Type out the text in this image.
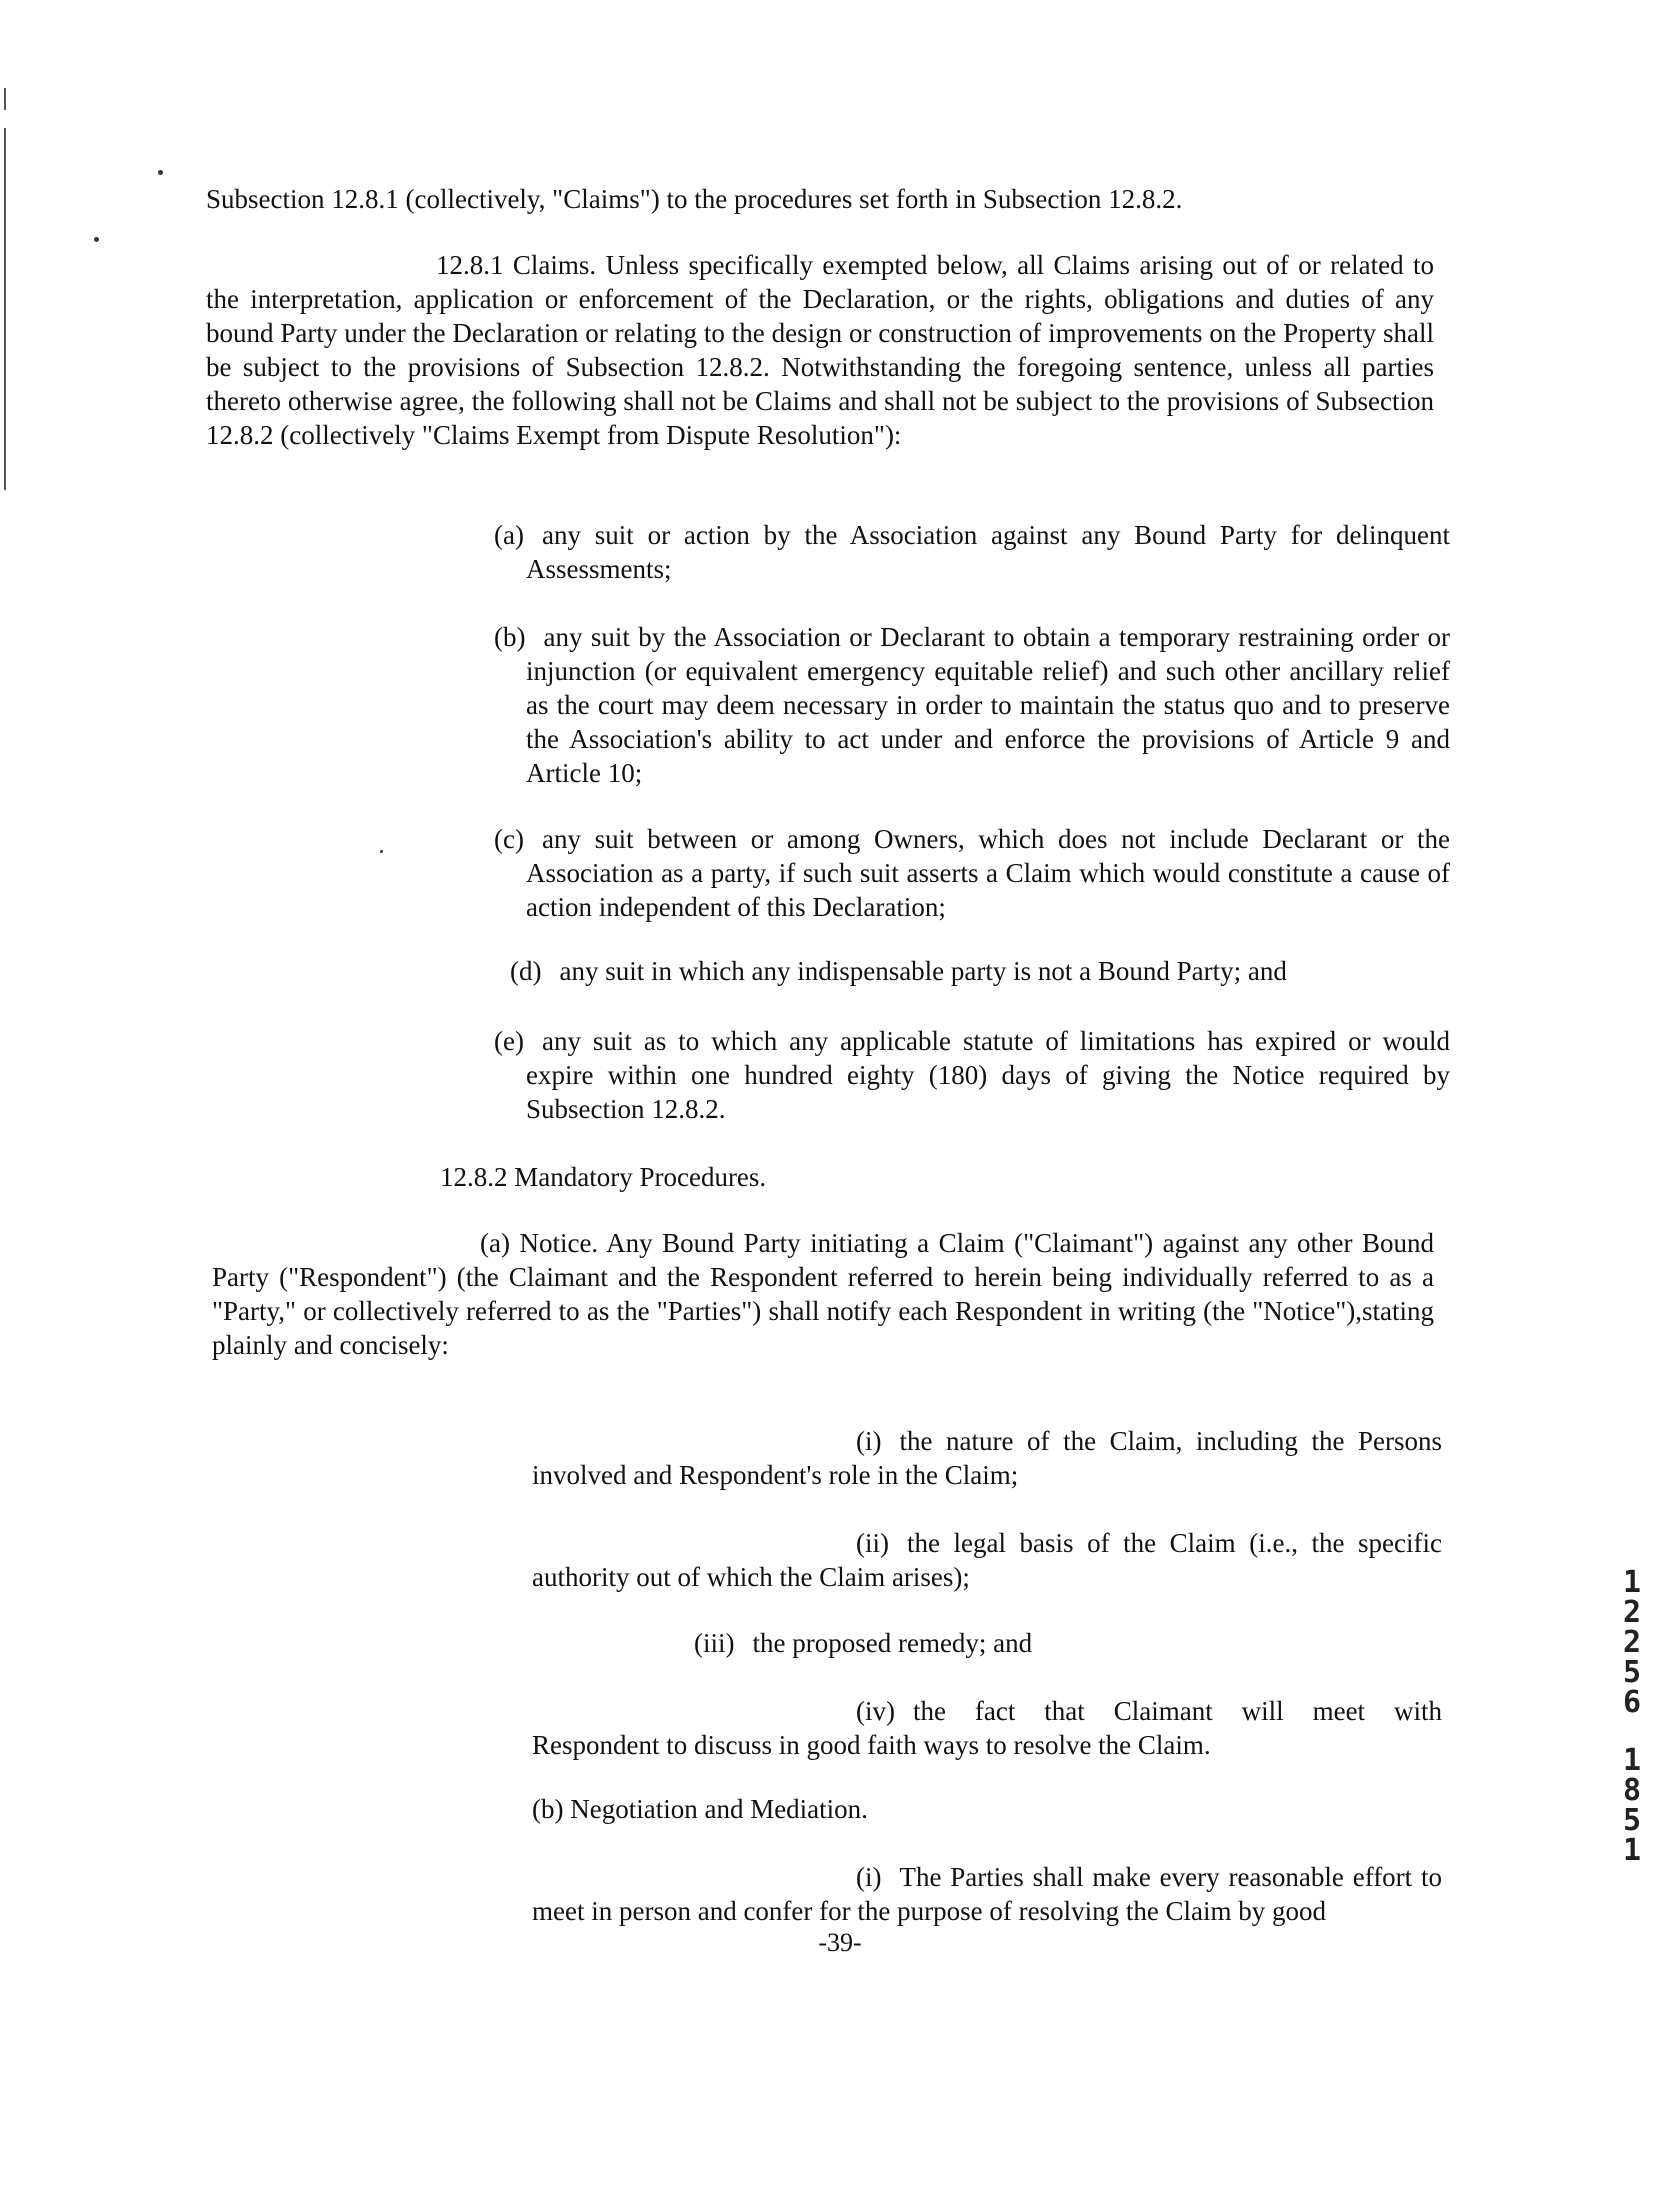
Subsection 12.8.1 (collectively, "Claims") to the procedures set forth in Subsection 12.8.2.

12.8.1 Claims. Unless specifically exempted below, all Claims arising out of or related to the interpretation, application or enforcement of the Declaration, or the rights, obligations and duties of any bound Party under the Declaration or relating to the design or construction of improvements on the Property shall be subject to the provisions of Subsection 12.8.2. Notwithstanding the foregoing sentence, unless all parties thereto otherwise agree, the following shall not be Claims and shall not be subject to the provisions of Subsection 12.8.2 (collectively "Claims Exempt from Dispute Resolution"):

(a) any suit or action by the Association against any Bound Party for delinquent Assessments;
(b) any suit by the Association or Declarant to obtain a temporary restraining order or injunction (or equivalent emergency equitable relief) and such other ancillary relief as the court may deem necessary in order to maintain the status quo and to preserve the Association's ability to act under and enforce the provisions of Article 9 and Article 10;
(c) any suit between or among Owners, which does not include Declarant or the Association as a party, if such suit asserts a Claim which would constitute a cause of action independent of this Declaration;
(d) any suit in which any indispensable party is not a Bound Party; and
(e) any suit as to which any applicable statute of limitations has expired or would expire within one hundred eighty (180) days of giving the Notice required by Subsection 12.8.2.

12.8.2 Mandatory Procedures.

(a) Notice. Any Bound Party initiating a Claim ("Claimant") against any other Bound Party ("Respondent") (the Claimant and the Respondent referred to herein being individually referred to as a "Party," or collectively referred to as the "Parties") shall notify each Respondent in writing (the "Notice"),stating plainly and concisely:

(i) the nature of the Claim, including the Persons involved and Respondent's role in the Claim;
(ii) the legal basis of the Claim (i.e., the specific authority out of which the Claim arises);
(iii) the proposed remedy; and
(iv) the fact that Claimant will meet with Respondent to discuss in good faith ways to resolve the Claim.

(b) Negotiation and Mediation.

(i) The Parties shall make every reasonable effort to meet in person and confer for the purpose of resolving the Claim by good
-39-
1
2
2
5
6
1
8
5
1
